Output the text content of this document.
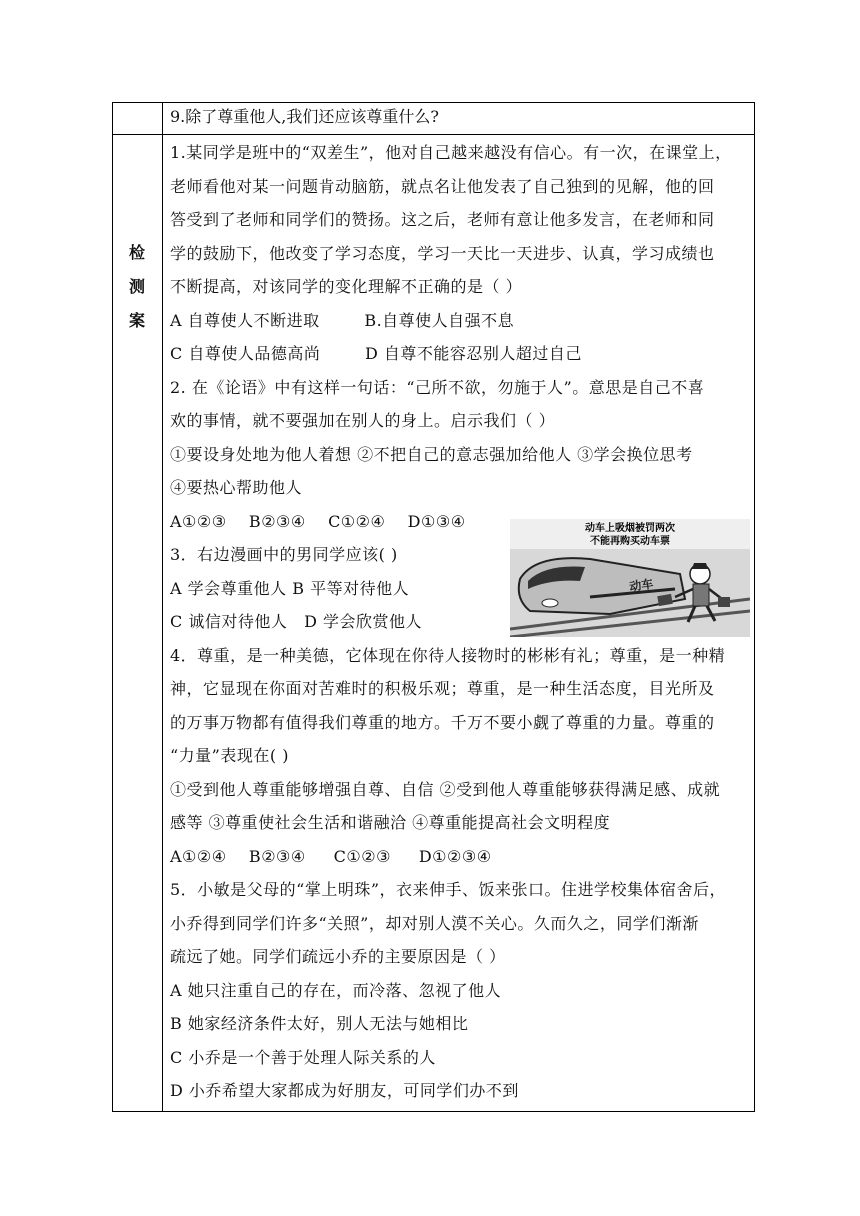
9.除了尊重他人,我们还应该尊重什么?
检
测
案

1.某同学是班中的“双差生”，他对自己越来越没有信心。有一次，在课堂上，

老师看他对某一问题肯动脑筋，就点名让他发表了自己独到的见解，他的回

答受到了老师和同学们的赞扬。这之后，老师有意让他多发言，在老师和同

学的鼓励下，他改变了学习态度，学习一天比一天进步、认真，学习成绩也

不断提高，对该同学的变化理解不正确的是（ ）

A 自尊使人不断进取        B.自尊使人自强不息

C 自尊使人品德高尚        D 自尊不能容忍别人超过自己

2. 在《论语》中有这样一句话：“己所不欲，勿施于人”。意思是自己不喜

欢的事情，就不要强加在别人的身上。启示我们（ ）

①要设身处地为他人着想 ②不把自己的意志强加给他人 ③学会换位思考

④要热心帮助他人

A①②③    B②③④    C①②④    D①③④

3．右边漫画中的男同学应该( )

A 学会尊重他人 B 平等对待他人

C 诚信对待他人   D 学会欣赏他人

4．尊重，是一种美德，它体现在你待人接物时的彬彬有礼；尊重，是一种精

神，它显现在你面对苦难时的积极乐观；尊重，是一种生活态度，目光所及

的万事万物都有值得我们尊重的地方。千万不要小觑了尊重的力量。尊重的

“力量”表现在( )

①受到他人尊重能够增强自尊、自信 ②受到他人尊重能够获得满足感、成就

感等 ③尊重使社会生活和谐融洽 ④尊重能提高社会文明程度

A①②④    B②③④     C①②③     D①②③④

5．小敏是父母的“掌上明珠”，衣来伸手、饭来张口。住进学校集体宿舍后，

小乔得到同学们许多“关照”，却对别人漠不关心。久而久之，同学们渐渐

疏远了她。同学们疏远小乔的主要原因是（ ）

A 她只注重自己的存在，而冷落、忽视了他人

B 她家经济条件太好，别人无法与她相比

C 小乔是一个善于处理人际关系的人

D 小乔希望大家都成为好朋友，可同学们办不到

动车上吸烟被罚两次
不能再购买动车票
动车
